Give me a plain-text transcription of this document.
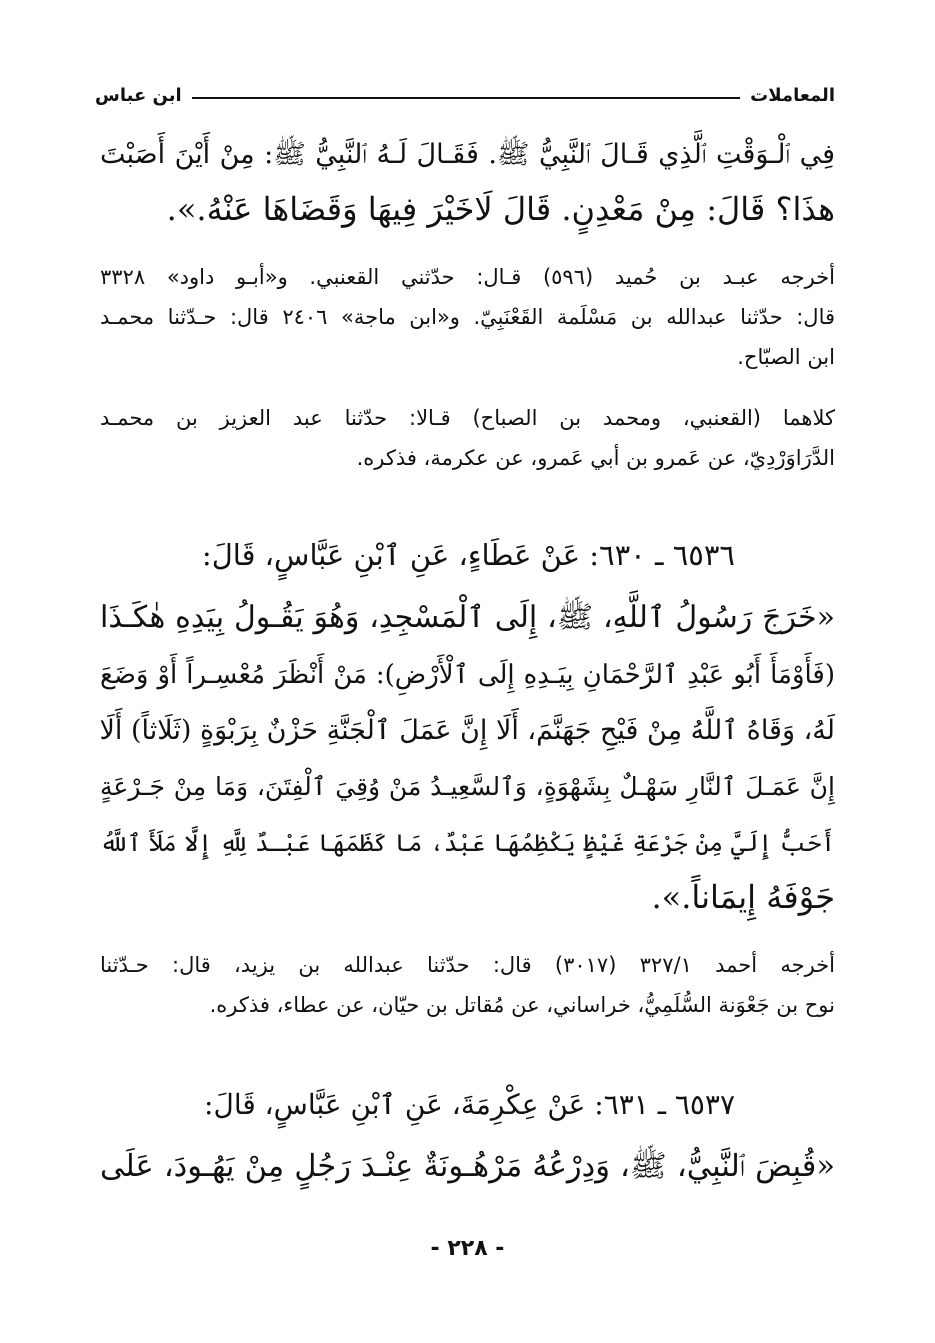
المعاملات
ابن عباس
فِي ٱلْـوَقْتِ ٱلَّذِي قَـالَ ٱلنَّبِيُّ ﷺ. فَقَـالَ لَـهُ ٱلنَّبِيُّ ﷺ: مِنْ أَيْنَ أَصَبْتَ
هذَا؟ قَالَ: مِنْ مَعْدِنٍ. قَالَ لَاخَيْرَ فِيهَا وَقَضَاهَا عَنْهُ.».
أخرجه عبـد بن حُميد (٥٩٦) قـال: حدّثني القعنبي. و«أبـو داود» ٣٣٢٨
قال: حدّثنا عبدالله بن مَسْلَمة القَعْنَبِيّ. و«ابن ماجة» ٢٤٠٦ قال: حـدّثنا محمـد
ابن الصبّاح.
كلاهما (القعنبي، ومحمد بن الصباح) قـالا: حدّثنا عبد العزيز بن محمـد
الدَّرَاوَرْدِيّ، عن عَمرو بن أبي عَمرو، عن عكرمة، فذكره.
٦٥٣٦ ـ ٦٣٠: عَنْ عَطَاءٍ، عَنِ ٱبْنِ عَبَّاسٍ، قَالَ:
«خَرَجَ رَسُولُ ٱللَّهِ، ﷺ، إِلَى ٱلْمَسْجِدِ، وَهُوَ يَقُـولُ بِيَدِهِ هٰكَـذَا
(فَأَوْمَأَ أَبُو عَبْدِ ٱلرَّحْمَانِ بِيَـدِهِ إِلَى ٱلْأَرْضِ): مَنْ أَنْظَرَ مُعْسِـراً أَوْ وَضَعَ
لَهُ، وَقَاهُ ٱللَّهُ مِنْ فَيْحِ جَهَنَّمَ، أَلَا إِنَّ عَمَلَ ٱلْجَنَّةِ حَزْنٌ بِرَبْوَةٍ (ثَلَاثاً) أَلَا
إِنَّ عَمَـلَ ٱلنَّارِ سَهْـلٌ بِشَهْوَةٍ، وَٱلسَّعِيـدُ مَنْ وُقِيَ ٱلْفِتَنَ، وَمَا مِنْ جَـرْعَةٍ
أَحَبُّ إِلَيَّ مِنْ جَرْعَةِ غَيْظٍ يَكْظِمُهَا عَبْدٌ، مَا كَظَمَهَا عَبْـدٌ لِلَّهِ إِلَّا مَلَأَ ٱللَّهُ
جَوْفَهُ إِيمَاناً.».
أخرجه أحمد ٣٢٧/١ (٣٠١٧) قال: حدّثنا عبدالله بن يزيد، قال: حـدّثنا
نوح بن جَعْوَنة السُّلَمِيُّ، خراساني، عن مُقاتل بن حيّان، عن عطاء، فذكره.
٦٥٣٧ ـ ٦٣١: عَنْ عِكْرِمَةَ، عَنِ ٱبْنِ عَبَّاسٍ، قَالَ:
«قُبِضَ ٱلنَّبِيُّ، ﷺ، وَدِرْعُهُ مَرْهُـونَةٌ عِنْـدَ رَجُلٍ مِنْ يَهُـودَ، عَلَى
- ٢٢٨ -
